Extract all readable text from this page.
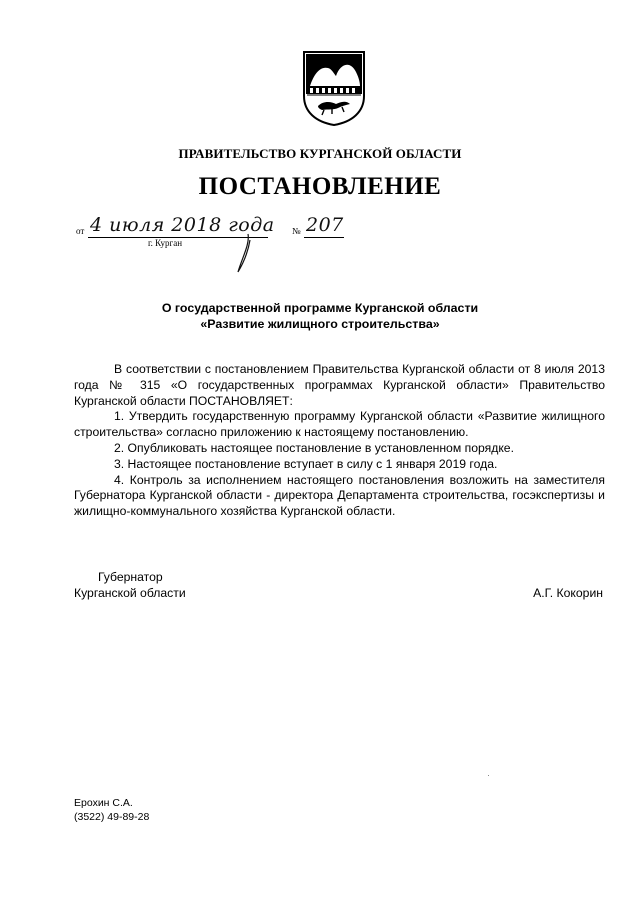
ПРАВИТЕЛЬСТВО КУРГАНСКОЙ ОБЛАСТИ
ПОСТАНОВЛЕНИЕ
от 4 июля 2018 года № 207
г. Курган
О государственной программе Курганской области
«Развитие жилищного строительства»

В соответствии с постановлением Правительства Курганской области от 8 июля 2013 года № 315 «О государственных программах Курганской области» Правительство Курганской области ПОСТАНОВЛЯЕТ:

1. Утвердить государственную программу Курганской области «Развитие жилищного строительства» согласно приложению к настоящему постановлению.

2. Опубликовать настоящее постановление в установленном порядке.

3. Настоящее постановление вступает в силу с 1 января 2019 года.

4. Контроль за исполнением настоящего постановления возложить на заместителя Губернатора Курганской области - директора Департамента строительства, госэкспертизы и жилищно-коммунального хозяйства Курганской области.

Губернатор
Курганской области	А.Г. Кокорин
Ерохин С.А.
(3522) 49-89-28
